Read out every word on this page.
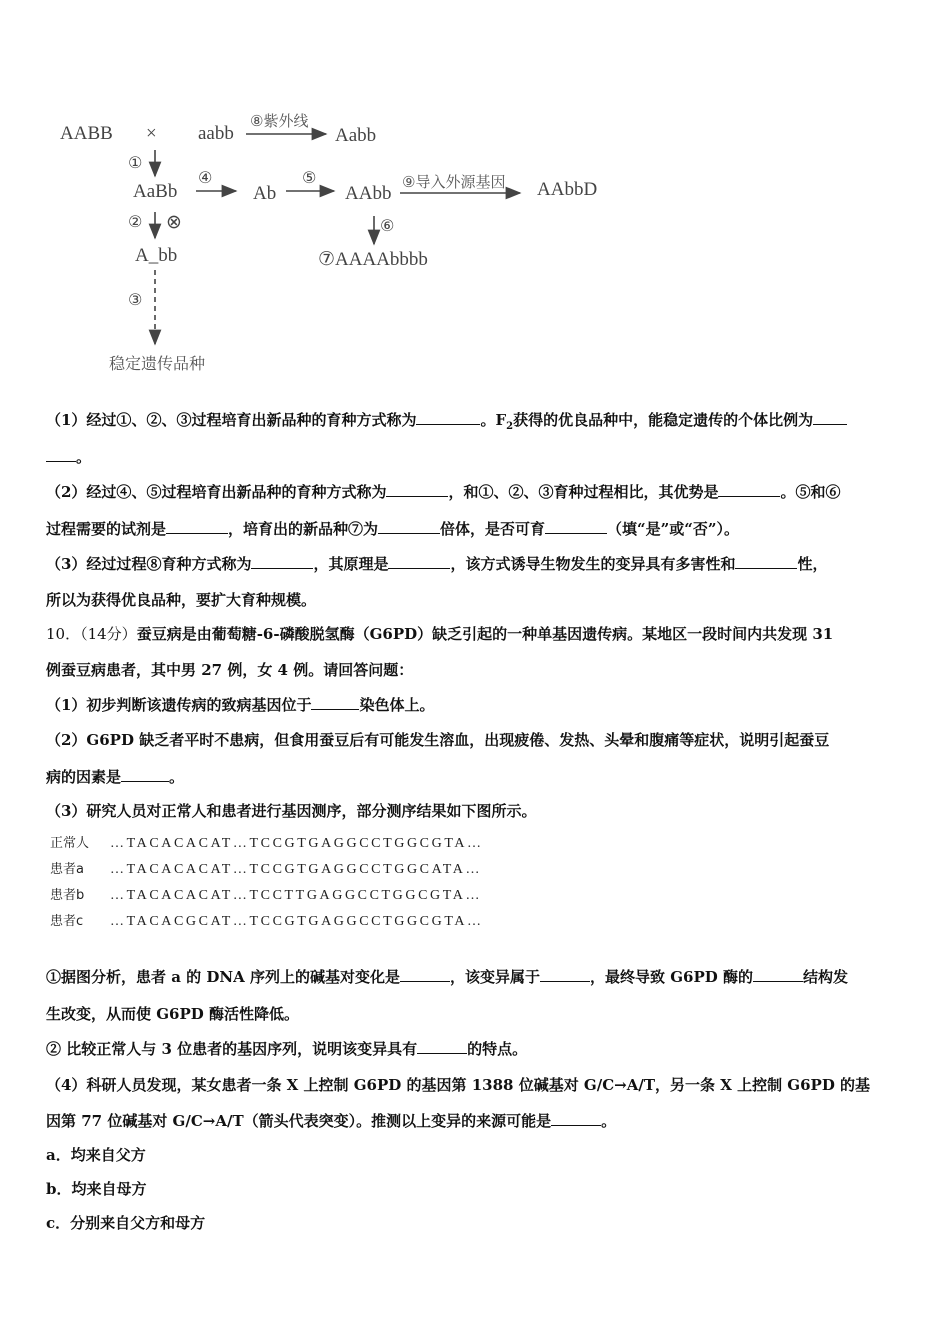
AABB × aabb
⑧紫外线
Aabb
①
AaBb
④
Ab
⑤
AAbb
⑨导入外源基因 AAbbD
② ⊗	⑥
A_bb	⑦AAAAbbbb
③
稳定遗传品种
（1）经过①、②、③过程培育出新品种的育种方式称为	。$F_2$获得的优良品种中，能稳定遗传的个体比例为
。
（2）经过④、⑤过程培育出新品种的育种方式称为	，和①、②、③育种过程相比，其优势是	。⑤和⑥
过程需要的试剂是	，培育出的新品种⑦为	倍体，是否可育	（填“是”或“否”）。
（3）经过过程⑧育种方式称为	，其原理是	，该方式诱导生物发生的变异具有多害性和	性，
所以为获得优良品种，要扩大育种规模。
10．（14分）蚕豆病是由葡萄糖-6-磷酸脱氢酶（G6PD）缺乏引起的一种单基因遗传病。某地区一段时间内共发现 31
例蚕豆病患者，其中男 27 例，女 4 例。请回答问题：
（1）初步判断该遗传病的致病基因位于	染色体上。
（2）G6PD 缺乏者平时不患病，但食用蚕豆后有可能发生溶血，出现疲倦、发热、头晕和腹痛等症状，说明引起蚕豆
病的因素是	。
（3）研究人员对正常人和患者进行基因测序，部分测序结果如下图所示。
正常人 …TACACACAT…TCCGTGAGGCCTGGCGTA…
患者a …TACACACAT…TCCGTGAGGCCTGGCATA…
患者b …TACACACAT…TCCTTGAGGCCTGGCGTA…
患者c …TACACGCAT…TCCGTGAGGCCTGGCGTA…
①据图分析，患者 a 的 DNA 序列上的碱基对变化是	，该变异属于	，最终导致 G6PD 酶的	结构发
生改变，从而使 G6PD 酶活性降低。
② 比较正常人与 3 位患者的基因序列，说明该变异具有	的特点。
（4）科研人员发现，某女患者一条 X 上控制 G6PD 的基因第 1388 位碱基对 G/C→A/T，另一条 X 上控制 G6PD 的基
因第 77 位碱基对 G/C→A/T（箭头代表突变）。推测以上变异的来源可能是	。
a．均来自父方
b．均来自母方
c．分别来自父方和母方
